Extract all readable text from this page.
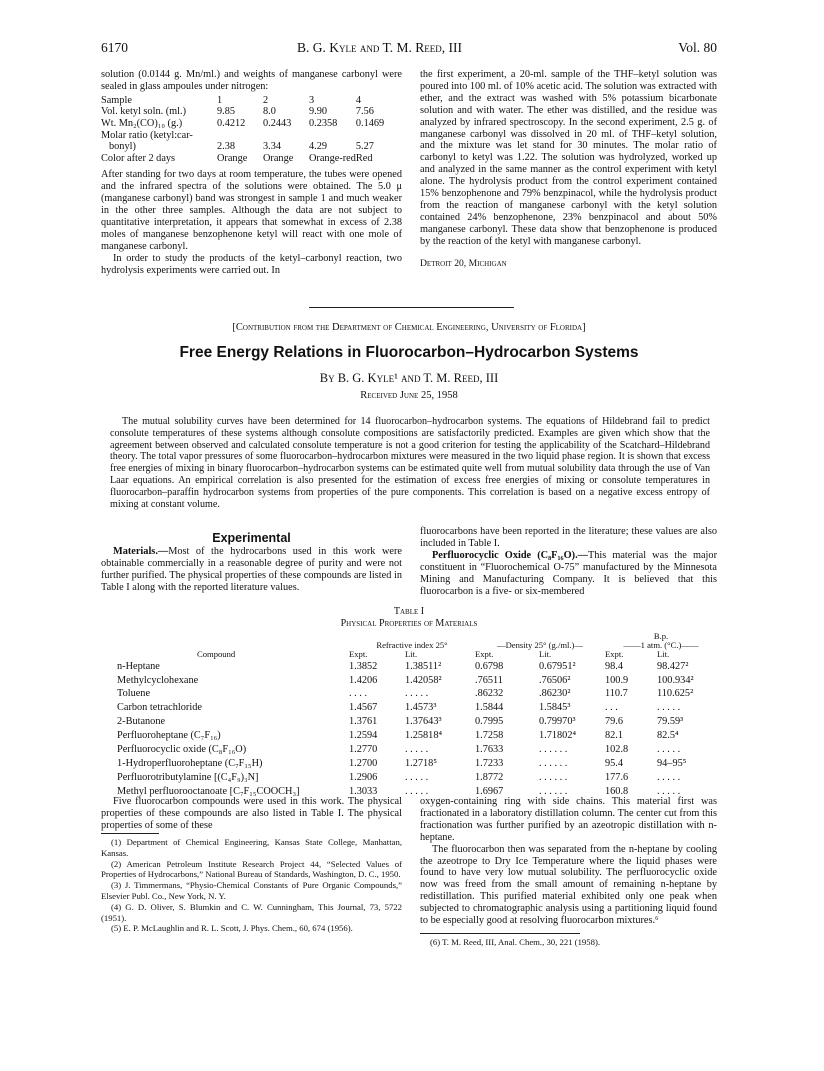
6170	B. G. Kyle and T. M. Reed, III	Vol. 80

solution (0.0144 g. Mn/ml.) and weights of manganese carbonyl were sealed in glass ampoules under nitrogen:

Sample	1	2	3	4
Vol. ketyl soln. (ml.)	9.85	8.0	9.90	7.56
Wt. Mn₂(CO)₁₀ (g.)	0.4212	0.2443	0.2358	0.1469
Molar ratio (ketyl:car-				
bonyl)	2.38	3.34	4.29	5.27
Color after 2 days	Orange	Orange	Orange-red	Red

After standing for two days at room temperature, the tubes were opened and the infrared spectra of the solutions were obtained. The 5.0 μ (manganese carbonyl) band was strongest in sample 1 and much weaker in the other three samples. Although the data are not subject to quantitative interpretation, it appears that somewhat in excess of 2.38 moles of manganese benzophenone ketyl will react with one mole of manganese carbonyl.

In order to study the products of the ketyl–carbonyl reaction, two hydrolysis experiments were carried out. In

the first experiment, a 20-ml. sample of the THF–ketyl solution was poured into 100 ml. of 10% acetic acid. The solution was extracted with ether, and the extract was washed with 5% potassium bicarbonate solution and with water. The ether was distilled, and the residue was analyzed by infrared spectroscopy. In the second experiment, 2.5 g. of manganese carbonyl was dissolved in 20 ml. of THF–ketyl solution, and the mixture was let stand for 30 minutes. The molar ratio of carbonyl to ketyl was 1.22. The solution was hydrolyzed, worked up and analyzed in the same manner as the control experiment with ketyl alone. The hydrolysis product from the control experiment contained 15% benzophenone and 79% benzpinacol, while the hydrolysis product from the reaction of manganese carbonyl with the ketyl solution contained 24% benzophenone, 23% benzpinacol and about 50% manganese carbonyl. These data show that benzophenone is produced by the reaction of the ketyl with manganese carbonyl.

Detroit 20, Michigan

[Contribution from the Department of Chemical Engineering, University of Florida]
Free Energy Relations in Fluorocarbon–Hydrocarbon Systems
By B. G. Kyle¹ and T. M. Reed, III
Received June 25, 1958

The mutual solubility curves have been determined for 14 fluorocarbon–hydrocarbon systems. The equations of Hildebrand fail to predict consolute temperatures of these systems although consolute compositions are satisfactorily predicted. Examples are given which show that the agreement between observed and calculated consolute temperature is not a good criterion for testing the applicability of the Scatchard–Hildebrand theory. The total vapor pressures of some fluorocarbon–hydrocarbon mixtures were measured in the two liquid phase region. It is shown that excess free energies of mixing in binary fluorocarbon–hydrocarbon systems can be estimated quite well from mutual solubility data through the use of Van Laar equations. An empirical correlation is also presented for the estimation of excess free energies of mixing or consolute temperatures in fluorocarbon–paraffin hydrocarbon systems from properties of the pure components. This correlation is based on a negative excess entropy of mixing at constant volume.

Experimental

Materials.—Most of the hydrocarbons used in this work were obtainable commercially in a reasonable degree of purity and were not further purified. The physical properties of these compounds are listed in Table I along with the reported literature values.

fluorocarbons have been reported in the literature; these values are also included in Table I.

Perfluorocyclic Oxide (C₈F₁₆O).—This material was the major constituent in “Fluorochemical O-75” manufactured by the Minnesota Mining and Manufacturing Company. It is believed that this fluorocarbon is a five- or six-membered

Table I
Physical Properties of Materials
	Refractive index 25°		—Density 25° (g./ml.)—		B.p.
——1 atm. (°C.)——	
Compound	Expt.	Lit.	Expt.	Lit.	Expt.	Lit.
n-Heptane	1.3852	1.38511²	0.6798	0.67951²	98.4	98.427²
Methylcyclohexane	1.4206	1.42058²	.76511	.76506²	100.9	100.934²
Toluene	. . . .	. . . . .	.86232	.86230²	110.7	110.625²
Carbon tetrachloride	1.4567	1.4573³	1.5844	1.5845³	. . .	. . . . .
2-Butanone	1.3761	1.37643³	0.7995	0.79970³	79.6	79.59³
Perfluoroheptane (C₇F₁₆)	1.2594	1.25818⁴	1.7258	1.71802⁴	82.1	82.5⁴
Perfluorocyclic oxide (C₈F₁₆O)	1.2770	. . . . .	1.7633	. . . . . .	102.8	. . . . .
1-Hydroperfluoroheptane (C₇F₁₅H)	1.2700	1.2718⁵	1.7233	. . . . . .	95.4	94–95⁵
Perfluorotributylamine [(C₄F₉)₃N]	1.2906	. . . . .	1.8772	. . . . . .	177.6	. . . . .
Methyl perfluorooctanoate [C₇F₁₅COOCH₃]	1.3033	. . . . .	1.6967	. . . . . .	160.8	. . . . .

Five fluorocarbon compounds were used in this work. The physical properties of these compounds are also listed in Table I. The physical properties of some of these

(1) Department of Chemical Engineering, Kansas State College, Manhattan, Kansas.

(2) American Petroleum Institute Research Project 44, “Selected Values of Properties of Hydrocarbons,” National Bureau of Standards, Washington, D. C., 1950.

(3) J. Timmermans, “Physio-Chemical Constants of Pure Organic Compounds,” Elsevier Publ. Co., New York, N. Y.

(4) G. D. Oliver, S. Blumkin and C. W. Cunningham, This Journal, 73, 5722 (1951).

(5) E. P. McLaughlin and R. L. Scott, J. Phys. Chem., 60, 674 (1956).

oxygen-containing ring with side chains. This material first was fractionated in a laboratory distillation column. The center cut from this fractionation was further purified by an azeotropic distillation with n-heptane.

The fluorocarbon then was separated from the n-heptane by cooling the azeotrope to Dry Ice Temperature where the liquid phases were found to have very low mutual solubility. The perfluorocyclic oxide now was freed from the small amount of remaining n-heptane by redistillation. This purified material exhibited only one peak when subjected to chromatographic analysis using a partitioning liquid found to be especially good at resolving fluorocarbon mixtures.⁶

(6) T. M. Reed, III, Anal. Chem., 30, 221 (1958).
